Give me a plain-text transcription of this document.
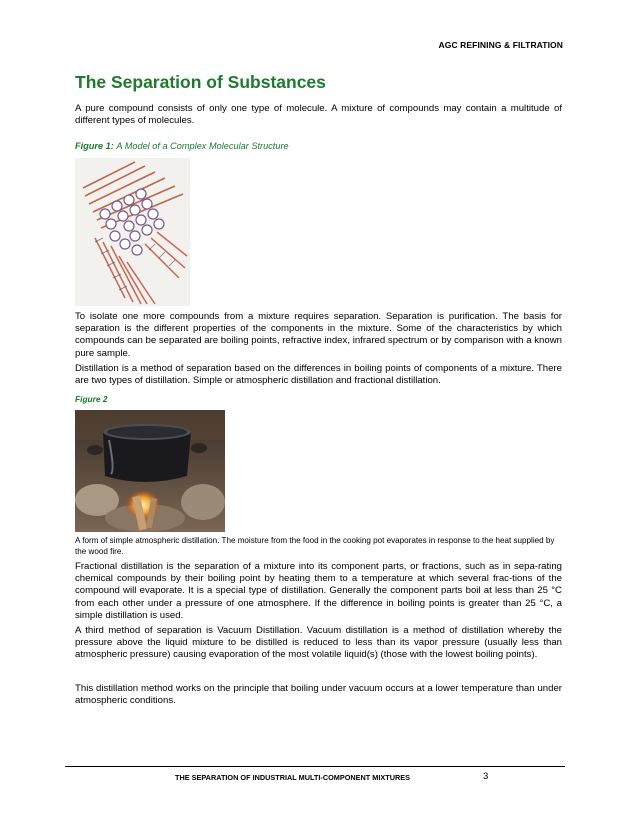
AGC REFINING & FILTRATION
The Separation of Substances

A pure compound consists of only one type of molecule. A mixture of compounds may contain a multitude of different types of molecules.

Figure 1: A Model of a Complex Molecular Structure

To isolate one more compounds from a mixture requires separation. Separation is purification. The basis for separation is the different properties of the components in the mixture. Some of the characteristics by which compounds can be separated are boiling points, refractive index, infrared spectrum or by comparison with a known pure sample.

Distillation is a method of separation based on the differences in boiling points of components of a mixture. There are two types of distillation. Simple or atmospheric distillation and fractional distillation.

Figure 2
A form of simple atmospheric distillation. The moisture from the food in the cooking pot evaporates in response to the heat supplied by the wood fire.

Fractional distillation is the separation of a mixture into its component parts, or fractions, such as in sepa-rating chemical compounds by their boiling point by heating them to a temperature at which several frac-tions of the compound will evaporate. It is a special type of distillation. Generally the component parts boil at less than 25 °C from each other under a pressure of one atmosphere. If the difference in boiling points is greater than 25 °C, a simple distillation is used.

A third method of separation is Vacuum Distillation. Vacuum distillation is a method of distillation whereby the pressure above the liquid mixture to be distilled is reduced to less than its vapor pressure (usually less than atmospheric pressure) causing evaporation of the most volatile liquid(s) (those with the lowest boiling points).

This distillation method works on the principle that boiling under vacuum occurs at a lower temperature than under atmospheric conditions.

THE SEPARATION OF INDUSTRIAL MULTI-COMPONENT MIXTURES	3
